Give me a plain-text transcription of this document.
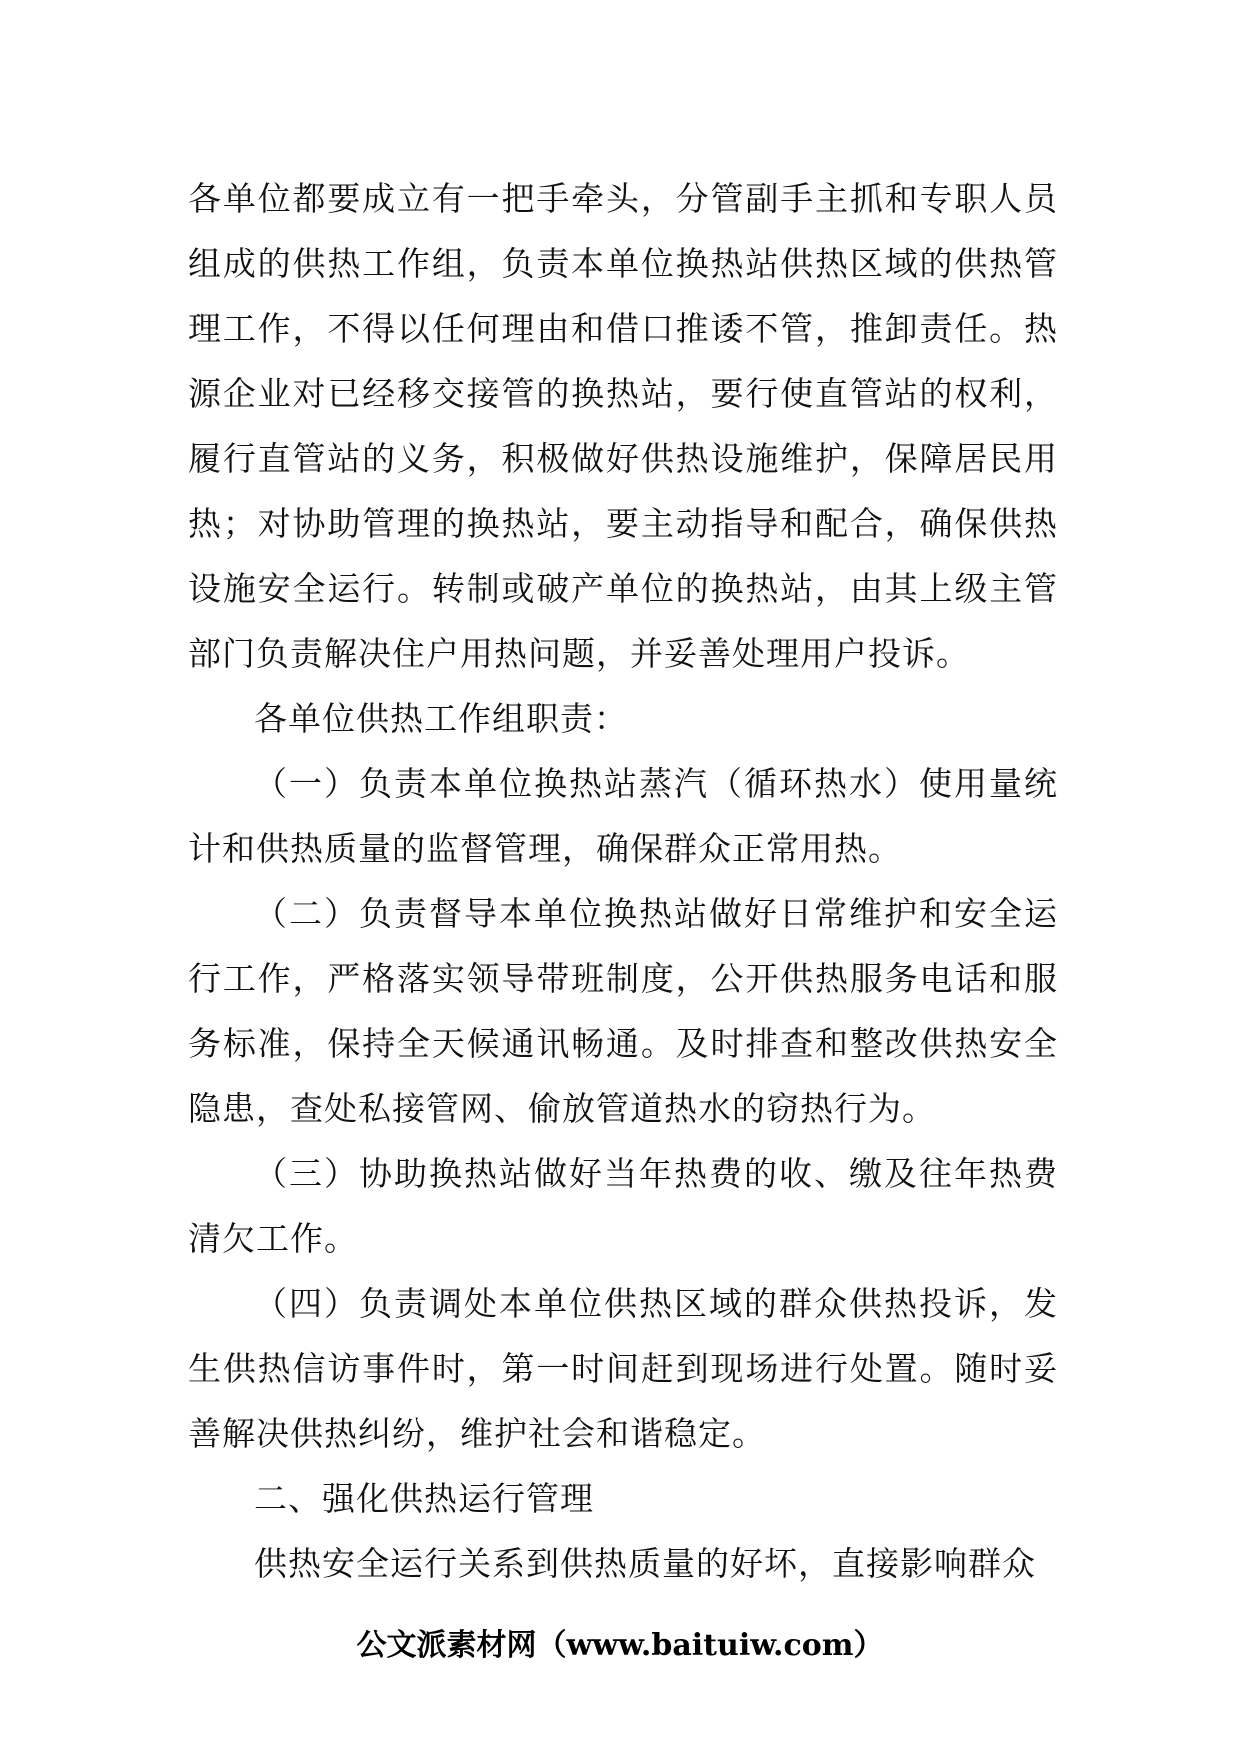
各单位都要成立有一把手牵头，分管副手主抓和专职人员组成的供热工作组，负责本单位换热站供热区域的供热管理工作，不得以任何理由和借口推诿不管，推卸责任。热源企业对已经移交接管的换热站，要行使直管站的权利，履行直管站的义务，积极做好供热设施维护，保障居民用热；对协助管理的换热站，要主动指导和配合，确保供热设施安全运行。转制或破产单位的换热站，由其上级主管部门负责解决住户用热问题，并妥善处理用户投诉。

各单位供热工作组职责：

（一）负责本单位换热站蒸汽（循环热水）使用量统计和供热质量的监督管理，确保群众正常用热。

（二）负责督导本单位换热站做好日常维护和安全运行工作，严格落实领导带班制度，公开供热服务电话和服务标准，保持全天候通讯畅通。及时排查和整改供热安全隐患，查处私接管网、偷放管道热水的窃热行为。

（三）协助换热站做好当年热费的收、缴及往年热费清欠工作。

（四）负责调处本单位供热区域的群众供热投诉，发生供热信访事件时，第一时间赶到现场进行处置。随时妥善解决供热纠纷，维护社会和谐稳定。

二、强化供热运行管理

供热安全运行关系到供热质量的好坏，直接影响群众

公文派素材网（www.baituiw.com）
